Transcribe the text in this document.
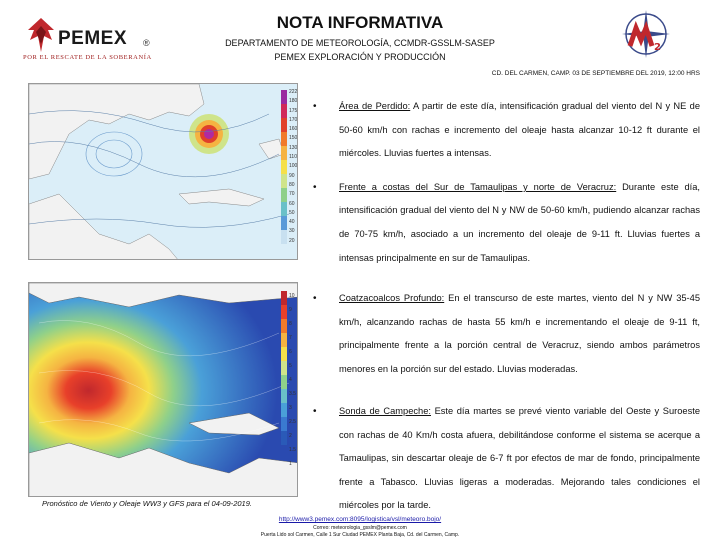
PEMEX ®
POR EL RESCATE DE LA SOBERANÍA
NOTA INFORMATIVA
DEPARTAMENTO DE METEOROLOGÍA, CCMDR-GSSLM-SASEP
PEMEX EXPLORACIÓN Y PRODUCCIÓN
2
CD. DEL CARMEN, CAMP. 03 DE SEPTIEMBRE DEL 2019, 12:00 HRS
222
180
175
170
160
150
130
110
100
90
80
70
60
50
40
30
20
10
9
8
7
6
5
4
3.5
3
2.5
2
1.5
1
• Área de Perdido: A partir de este día, intensificación gradual del viento del N y NE de 50-60 km/h con rachas e incremento del oleaje hasta alcanzar 10-12 ft durante el miércoles. Lluvias fuertes a intensas.
• Frente a costas del Sur de Tamaulipas y norte de Veracruz: Durante este día, intensificación gradual del viento del N y NW de 50-60 km/h, pudiendo alcanzar rachas de 70-75 km/h, asociado a un incremento del oleaje de 9-11 ft. Lluvias fuertes a intensas principalmente en sur de Tamaulipas.
• Coatzacoalcos Profundo: En el transcurso de este martes, viento del N y NW 35-45 km/h, alcanzando rachas de hasta 55 km/h e incrementando el oleaje de 9-11 ft, principalmente frente a la porción central de Veracruz, siendo ambos parámetros menores en la porción sur del estado. Lluvias moderadas.
• Sonda de Campeche: Este día martes se prevé viento variable del Oeste y Suroeste con rachas de 40 Km/h costa afuera, debilitándose conforme el sistema se acerque a Tamaulipas, sin descartar oleaje de 6-7 ft por efectos de mar de fondo, principalmente frente a Tabasco. Lluvias ligeras a moderadas. Mejorando tales condiciones el miércoles por la tarde.
Pronóstico de Viento y Oleaje WW3 y GFS para el 04-09-2019.
http://www3.pemex.com:8095/logistica/vsl/meteoro.bojo/
Correo: meteorologia_gsslm@pemex.com
Puerta Lido sol Carmen, Calle 1 Sur Ciudad PEMEX Planta Baja, Cd. del Carmen, Camp.
